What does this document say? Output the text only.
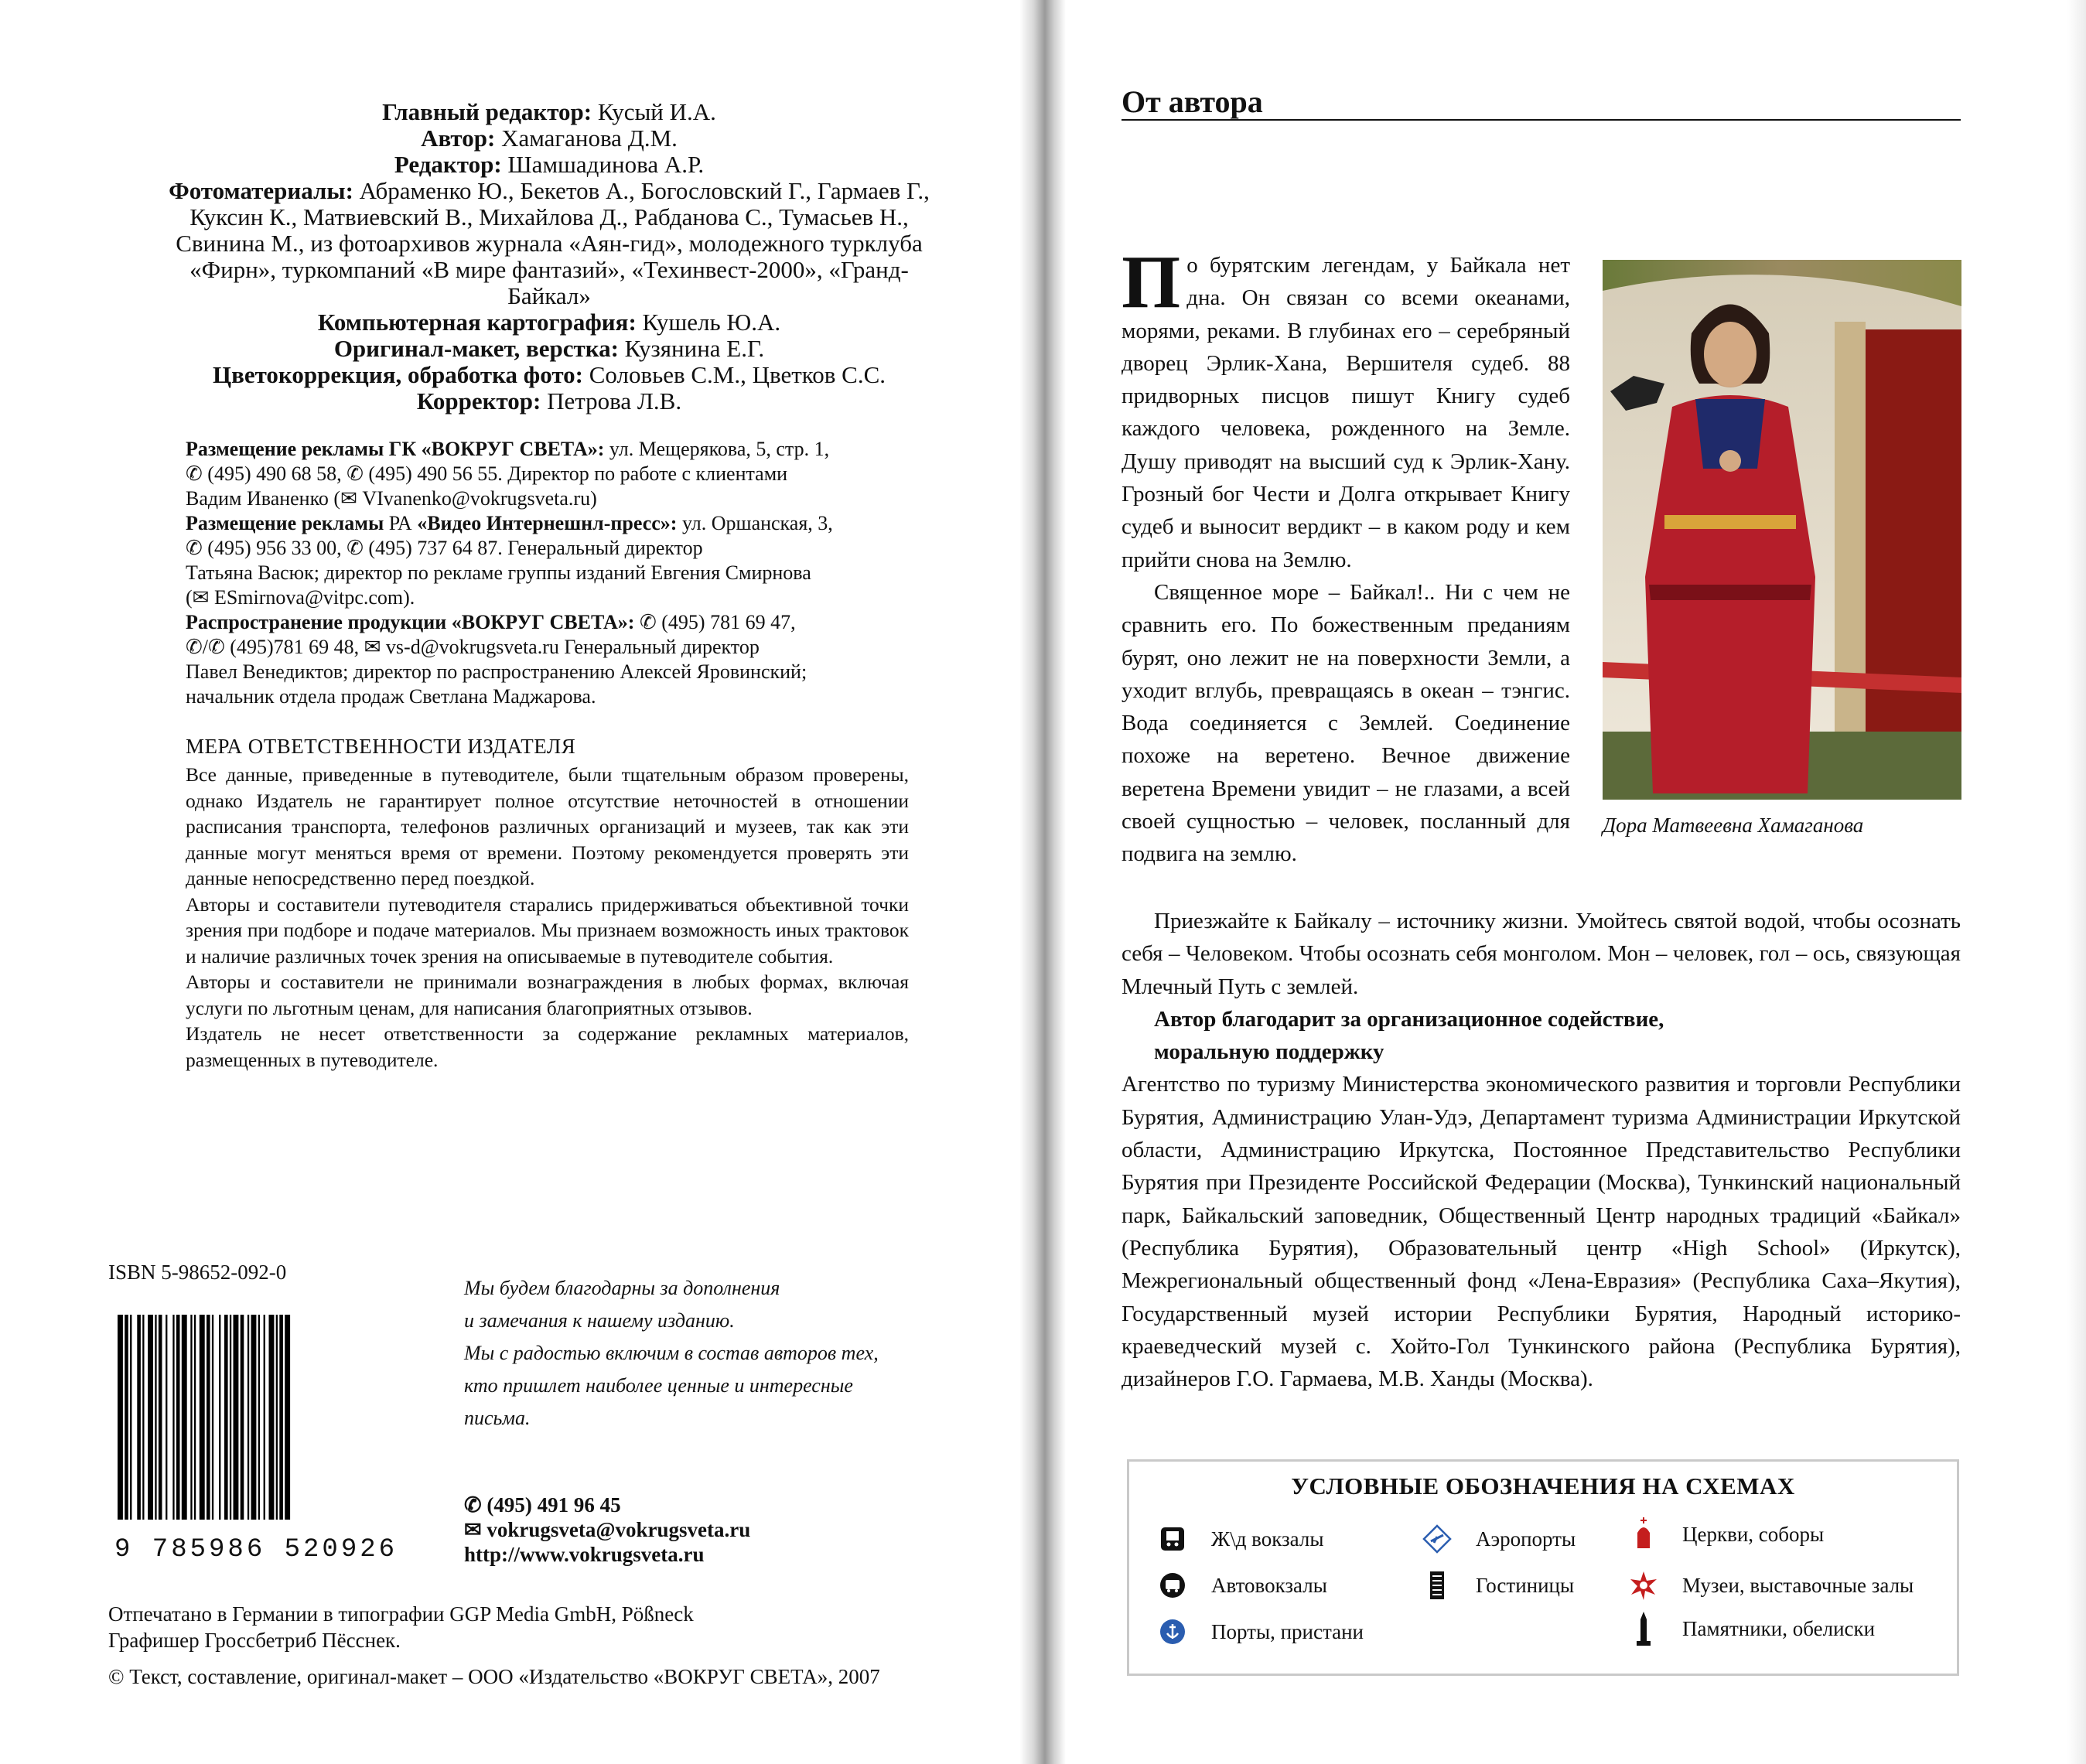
Главный редактор: Кусый И.А.
Автор: Хамаганова Д.М.
Редактор: Шамшадинова А.Р.
Фотоматериалы: Абраменко Ю., Бекетов А., Богословский Г., Гармаев Г., Куксин К., Матвиевский В., Михайлова Д., Рабданова С., Тумасьев Н., Свинина М., из фотоархивов журнала «Аян-гид», молодежного турклуба «Фирн», туркомпаний «В мире фантазий», «Техинвест-2000», «Гранд-Байкал»
Компьютерная картография: Кушель Ю.А.
Оригинал-макет, верстка: Кузянина Е.Г.
Цветокоррекция, обработка фото: Соловьев С.М., Цветков С.С.
Корректор: Петрова Л.В.
Размещение рекламы ГК «ВОКРУГ СВЕТА»: ул. Мещерякова, 5, стр. 1,
✆ (495) 490 68 58, ✆ (495) 490 56 55. Директор по работе с клиентами
Вадим Иваненко (✉ VIvanenko@vokrugsveta.ru)
Размещение рекламы РА «Видео Интернешнл-пресс»: ул. Оршанская, 3,
✆ (495) 956 33 00, ✆ (495) 737 64 87. Генеральный директор
Татьяна Васюк; директор по рекламе группы изданий Евгения Смирнова
(✉ ESmirnova@vitpc.com).
Распространение продукции «ВОКРУГ СВЕТА»: ✆ (495) 781 69 47,
✆/✆ (495)781 69 48, ✉ vs-d@vokrugsveta.ru Генеральный директор
Павел Венедиктов; директор по распространению Алексей Яровинский;
начальник отдела продаж Светлана Маджарова.
МЕРА ОТВЕТСТВЕННОСТИ ИЗДАТЕЛЯ

Все данные, приведенные в путеводителе, были тщательным образом проверены, однако Издатель не гарантирует полное отсутствие неточностей в отношении расписания транспорта, телефонов различных организаций и музеев, так как эти данные могут меняться время от времени. Поэтому рекомендуется проверять эти данные непосредственно перед поездкой.

Авторы и составители путеводителя старались придерживаться объективной точки зрения при подборе и подаче материалов. Мы признаем возможность иных трактовок и наличие различных точек зрения на описываемые в путеводителе события.

Авторы и составители не принимали вознаграждения в любых формах, включая услуги по льготным ценам, для написания благоприятных отзывов.

Издатель не несет ответственности за содержание рекламных материалов, размещенных в путеводителе.

ISBN 5-98652-092-0
9 785986 520926

Мы будем благодарны за дополнения

и замечания к нашему изданию.

Мы с радостью включим в состав авторов тех,

кто пришлет наиболее ценные и интересные

письма.

✆ (495) 491 96 45
✉ vokrugsveta@vokrugsveta.ru
http://www.vokrugsveta.ru
Отпечатано в Германии в типографии GGP Media GmbH, Pößneck
Графишер Гроссбетриб Пёсснек.
© Текст, составление, оригинал-макет – ООО «Издательство «ВОКРУГ СВЕТА», 2007
От автора

По бурятским легендам, у Байкала нет дна. Он связан со всеми океанами, морями, реками. В глубинах его – серебряный дворец Эрлик-Хана, Вершителя судеб. 88 придворных писцов пишут Книгу судеб каждого человека, рожденного на Земле. Душу приводят на высший суд к Эрлик-Хану. Грозный бог Чести и Долга открывает Книгу судеб и выносит вердикт – в каком роду и кем прийти снова на Землю.

Священное море – Байкал!.. Ни с чем не сравнить его. По божественным преданиям бурят, оно лежит не на поверхности Земли, а уходит вглубь, превращаясь в океан – тэнгис. Вода соединяется с Землей. Соединение похоже на веретено. Вечное движение веретена Времени увидит – не глазами, а всей своей сущностью – человек, посланный для подвига на землю.

Дора Матвеевна Хамаганова

Приезжайте к Байкалу – источнику жизни. Умойтесь святой водой, чтобы осознать себя – Человеком. Чтобы осознать себя монголом. Мон – человек, гол – ось, связующая Млечный Путь с землей.

Автор благодарит за организационное содействие,

моральную поддержку

Агентство по туризму Министерства экономического развития и торговли Республики Бурятия, Администрацию Улан-Удэ, Департамент туризма Администрации Иркутской области, Администрацию Иркутска, Постоянное Представительство Республики Бурятия при Президенте Российской Федерации (Москва), Тункинский национальный парк, Байкальский заповедник, Общественный Центр народных традиций «Байкал» (Республика Бурятия), Образовательный центр «High School» (Иркутск), Межрегиональный общественный фонд «Лена-Евразия» (Республика Саха–Якутия), Государственный музей истории Республики Бурятия, Народный историко-краеведческий музей с. Хойто-Гол Тункинского района (Республика Бурятия), дизайнеров Г.О. Гармаева, М.В. Ханды (Москва).

УСЛОВНЫЕ ОБОЗНАЧЕНИЯ НА СХЕМАХ
Ж\д вокзалы
Автовокзалы
Порты, пристани
Аэропорты
Гостиницы
Церкви, соборы
Музеи, выставочные залы
Памятники, обелиски
